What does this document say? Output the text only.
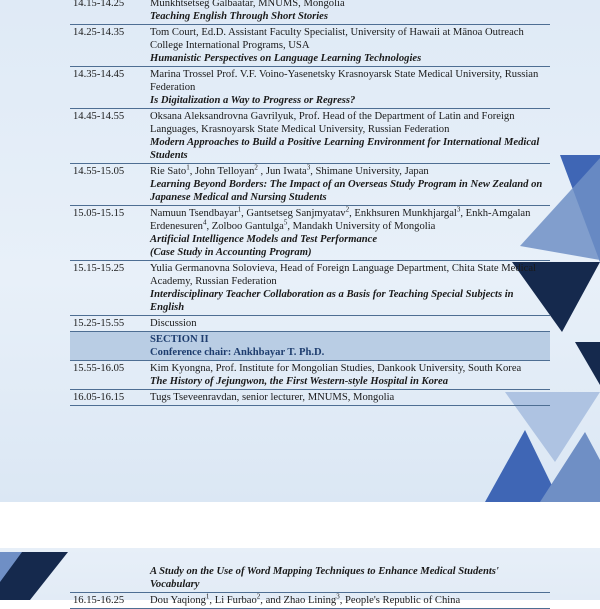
14.15-14.25	Munkhtsetseg Galbaatar, MNUMS, Mongolia
Teaching English Through Short Stories

14.25-14.35	Tom Court, Ed.D. Assistant Faculty Specialist, University of Hawaii at Mānoa Outreach College International Programs, USA
Humanistic Perspectives on Language Learning Technologies

14.35-14.45	Marina Trossel Prof. V.F. Voino-Yasenetsky Krasnoyarsk State Medical University, Russian Federation
Is Digitalization a Way to Progress or Regress?

14.45-14.55	Oksana Aleksandrovna Gavrilyuk, Prof. Head of the Department of Latin and Foreign Languages, Krasnoyarsk State Medical University, Russian Federation
Modern Approaches to Build a Positive Learning Environment for International Medical Students

14.55-15.05	Rie Sato$^1$, John Telloyan$^2$ , Jun Iwata$^3$, Shimane University, Japan
Learning Beyond Borders: The Impact of an Overseas Study Program in New Zealand on Japanese Medical and Nursing Students

15.05-15.15	Namuun Tsendbayar$^1$, Gantsetseg Sanjmyatav$^2$, Enkhsuren Munkhjargal$^3$, Enkh-Amgalan Erdenesuren$^4$, Zolboo Gantulga$^5$, Mandakh University of Mongolia
Artificial Intelligence Models and Test Performance
(Case Study in Accounting Program)

15.15-15.25	Yulia Germanovna Solovieva, Head of Foreign Language Department, Chita State Medical Academy, Russian Federation
Interdisciplinary Teacher Collaboration as a Basis for Teaching Special Subjects in English

15.25-15.55	Discussion

	SECTION II
Conference chair: Ankhbayar T. Ph.D.

15.55-16.05	Kim Kyongna, Prof. Institute for Mongolian Studies, Dankook University, South Korea
The History of Jejungwon, the First Western-style Hospital in Korea

16.05-16.15	Tugs Tseveenravdan, senior lecturer, MNUMS, Mongolia

	A Study on the Use of Word Mapping Techniques to Enhance Medical Students'
Vocabulary

16.15-16.25	Dou Yaqiong$^1$, Li Furbao$^2$, and Zhao Lining$^3$, People's Republic of China
